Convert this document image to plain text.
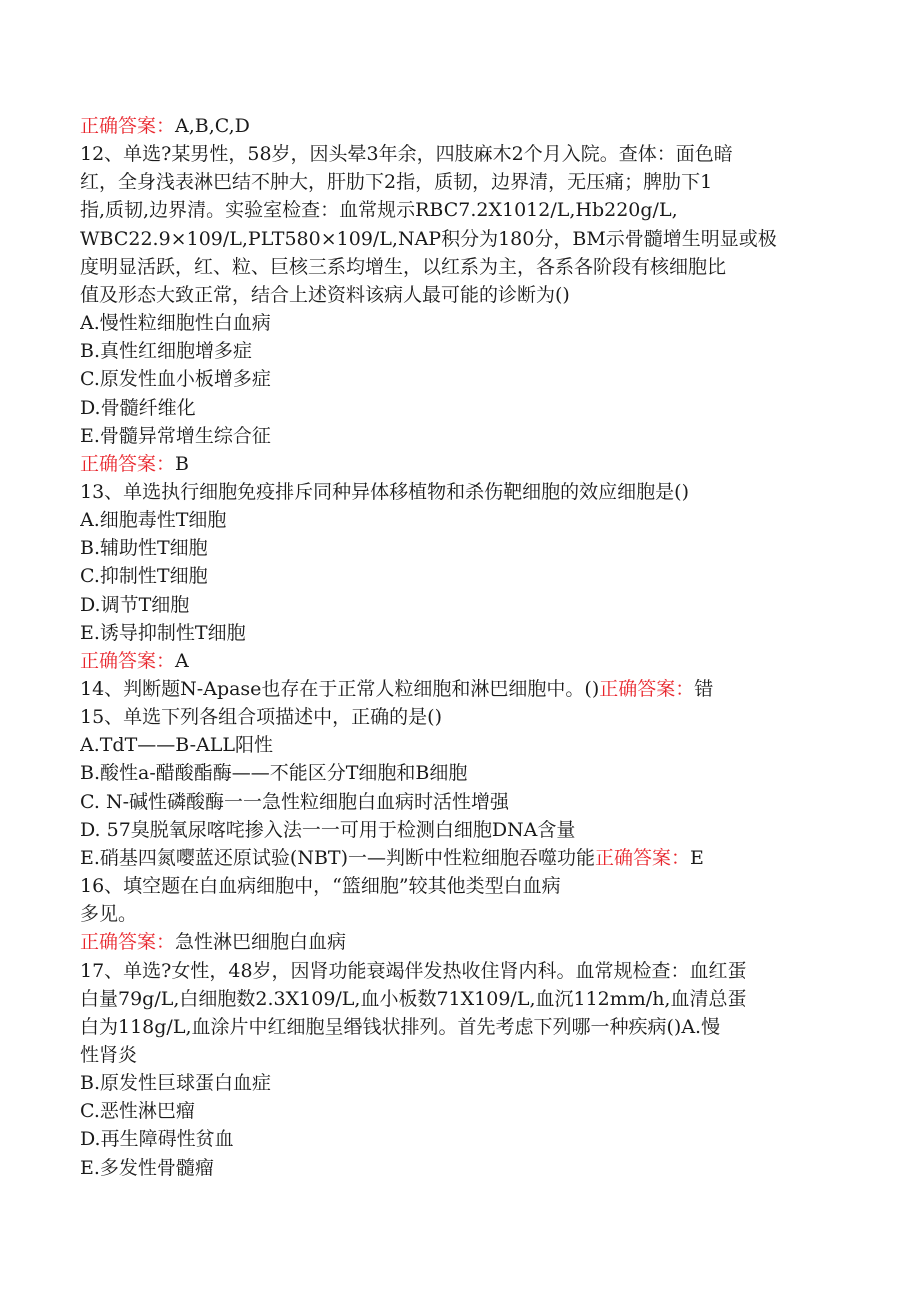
正确答案：A,B,C,D
12、单选?某男性，58岁，因头晕3年余，四肢麻木2个月入院。查体：面色暗
红，全身浅表淋巴结不肿大，肝肋下2指，质韧，边界清，无压痛；脾肋下1
指,质韧,边界清。实验室检查：血常规示RBC7.2X1012/L,Hb220g/L,
WBC22.9×109/L,PLT580×109/L,NAP积分为180分，BM示骨髓增生明显或极
度明显活跃，红、粒、巨核三系均增生，以红系为主，各系各阶段有核细胞比
值及形态大致正常，结合上述资料该病人最可能的诊断为()
A.慢性粒细胞性白血病
B.真性红细胞增多症
C.原发性血小板增多症
D.骨髓纤维化
E.骨髓异常增生综合征
正确答案：B
13、单选执行细胞免疫排斥同种异体移植物和杀伤靶细胞的效应细胞是()
A.细胞毒性T细胞
B.辅助性T细胞
C.抑制性T细胞
D.调节T细胞
E.诱导抑制性T细胞
正确答案：A
14、判断题N-Apase也存在于正常人粒细胞和淋巴细胞中。()正确答案：错
15、单选下列各组合项描述中，正确的是()
A.TdT——B-ALL阳性
B.酸性a-醋酸酯酶——不能区分T细胞和B细胞
C. N-碱性磷酸酶一一急性粒细胞白血病时活性增强
D. 57臭脱氧尿喀咤掺入法一一可用于检测白细胞DNA含量
E.硝基四氮嘤蓝还原试验(NBT)一—判断中性粒细胞吞噬功能正确答案：E
16、填空题在白血病细胞中，“篮细胞”较其他类型白血病
多见。
正确答案：急性淋巴细胞白血病
17、单选?女性，48岁，因肾功能衰竭伴发热收住肾内科。血常规检查：血红蛋
白量79g/L,白细胞数2.3X109/L,血小板数71X109/L,血沉112mm/h,血清总蛋
白为118g/L,血涂片中红细胞呈缗钱状排列。首先考虑下列哪一种疾病()A.慢
性肾炎
B.原发性巨球蛋白血症
C.恶性淋巴瘤
D.再生障碍性贫血
E.多发性骨髓瘤
